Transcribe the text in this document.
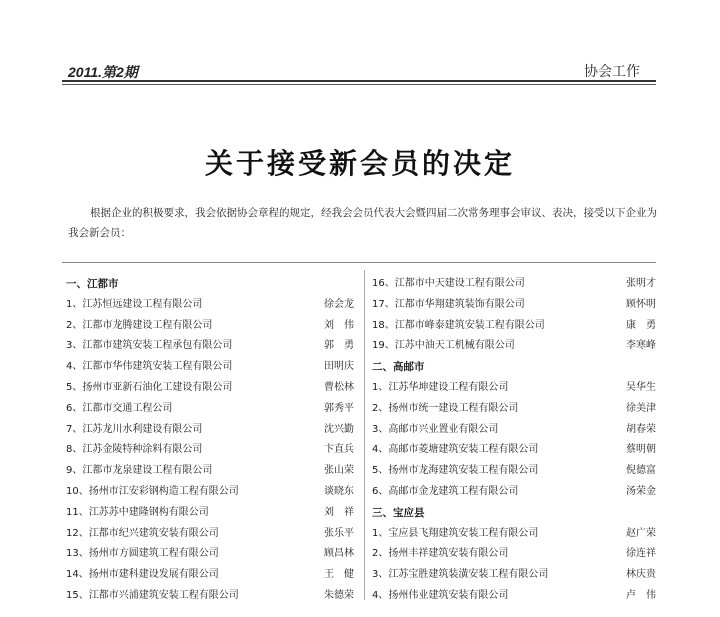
2011.第2期	协会工作
关于接受新会员的决定
根据企业的积极要求，我会依据协会章程的规定，经我会会员代表大会暨四届二次常务理事会审议、表决，接受以下企业为我会新会员：
一、江都市
1、江苏恒远建设工程有限公司	徐会龙
2、江都市龙腾建设工程有限公司	刘　伟
3、江都市建筑安装工程承包有限公司	郭　勇
4、江都市华伟建筑安装工程有限公司	田明庆
5、扬州市亚新石油化工建设有限公司	曹松林
6、江都市交通工程公司	郭秀平
7、江苏龙川水利建设有限公司	沈兴勤
8、江苏金陵特种涂料有限公司	卞直兵
9、江都市龙泉建设工程有限公司	张山荣
10、扬州市江安彩钢构造工程有限公司	谈晓东
11、江苏苏中建隆钢构有限公司	刘　祥
12、江都市纪兴建筑安装有限公司	张乐平
13、扬州市方圆建筑工程有限公司	顾昌林
14、扬州市建科建设发展有限公司	王　健
15、江都市兴浦建筑安装工程有限公司	朱德荣
16、江都市中天建设工程有限公司	张明才
17、江都市华翔建筑装饰有限公司	顾怀明
18、江都市峰泰建筑安装工程有限公司	康　勇
19、江苏中油天工机械有限公司	李寒峰
二、高邮市
1、江苏华坤建设工程有限公司	吴华生
2、扬州市统一建设工程有限公司	徐美津
3、高邮市兴业置业有限公司	胡春荣
4、高邮市菱塘建筑安装工程有限公司	蔡明朝
5、扬州市龙海建筑安装工程有限公司	倪德富
6、高邮市金龙建筑工程有限公司	汤荣金
三、宝应县
1、宝应县飞翔建筑安装工程有限公司	赵广荣
2、扬州丰祥建筑安装有限公司	徐连祥
3、江苏宝胜建筑装潢安装工程有限公司	林庆贵
4、扬州伟业建筑安装有限公司	卢　伟
